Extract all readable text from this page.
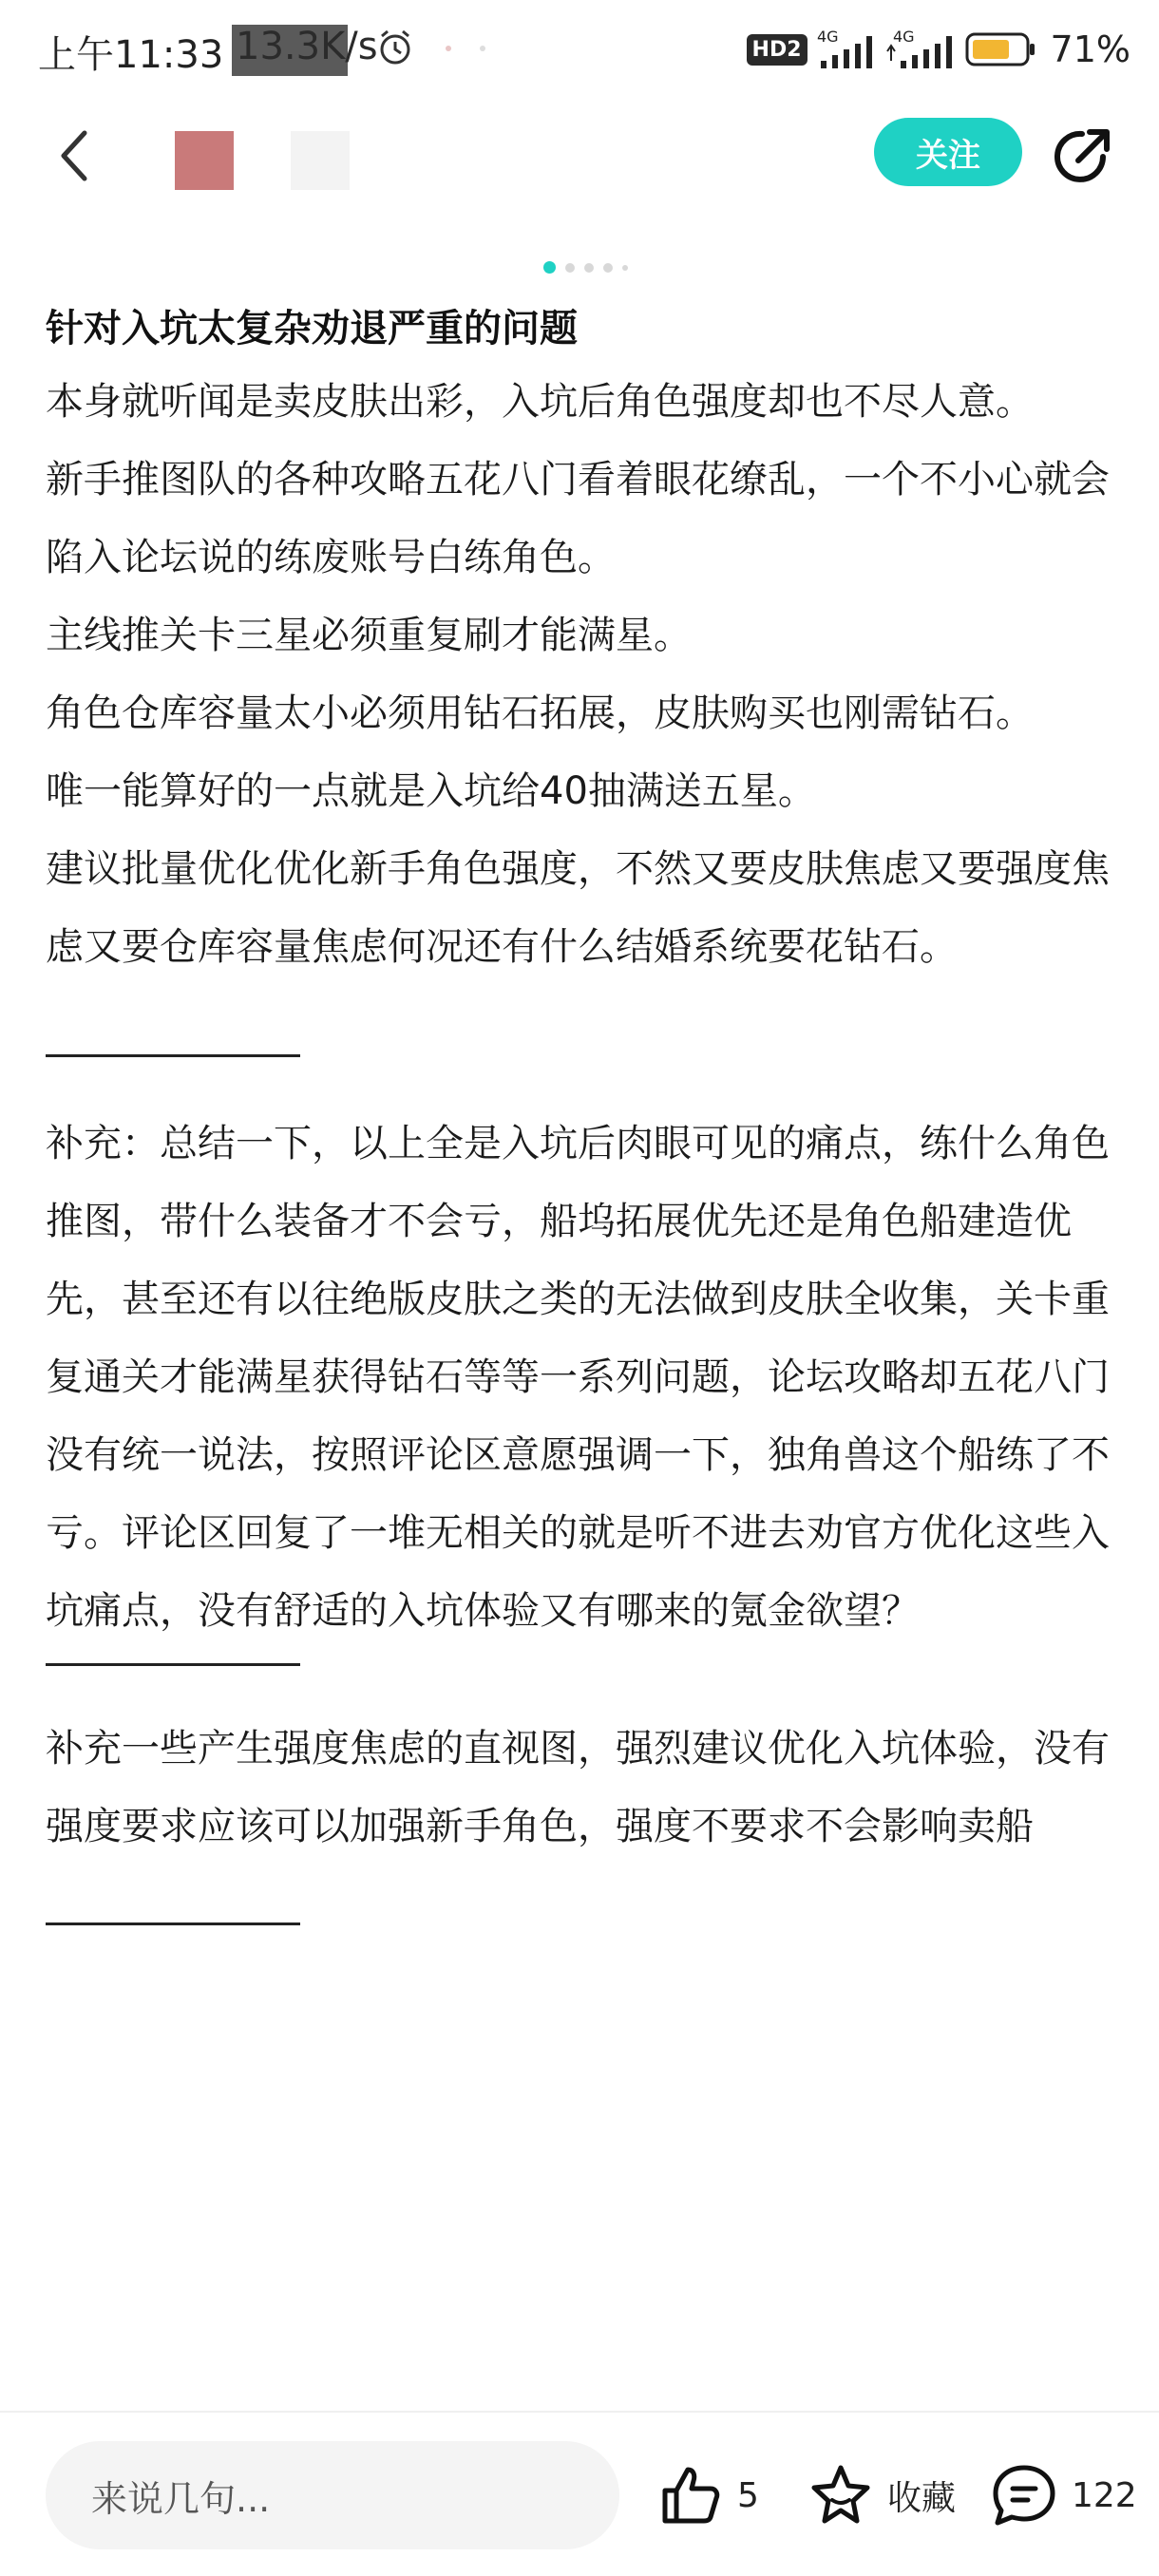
上午11:33 13.3K/s	HD2
4G	4G	71%
关注
针对入坑太复杂劝退严重的问题
本身就听闻是卖皮肤出彩，入坑后角色强度却也不尽人意。
新手推图队的各种攻略五花八门看着眼花缭乱，一个不小心就会陷入论坛说的练废账号白练角色。
主线推关卡三星必须重复刷才能满星。
角色仓库容量太小必须用钻石拓展，皮肤购买也刚需钻石。
唯一能算好的一点就是入坑给40抽满送五星。
建议批量优化优化新手角色强度，不然又要皮肤焦虑又要强度焦虑又要仓库容量焦虑何况还有什么结婚系统要花钻石。
补充：总结一下，以上全是入坑后肉眼可见的痛点，练什么角色推图，带什么装备才不会亏，船坞拓展优先还是角色船建造优先，甚至还有以往绝版皮肤之类的无法做到皮肤全收集，关卡重复通关才能满星获得钻石等等一系列问题，论坛攻略却五花八门没有统一说法，按照评论区意愿强调一下，独角兽这个船练了不亏。评论区回复了一堆无相关的就是听不进去劝官方优化这些入坑痛点，没有舒适的入坑体验又有哪来的氪金欲望？
补充一些产生强度焦虑的直视图，强烈建议优化入坑体验，没有强度要求应该可以加强新手角色，强度不要求不会影响卖船
来说几句...	5	收藏	122
